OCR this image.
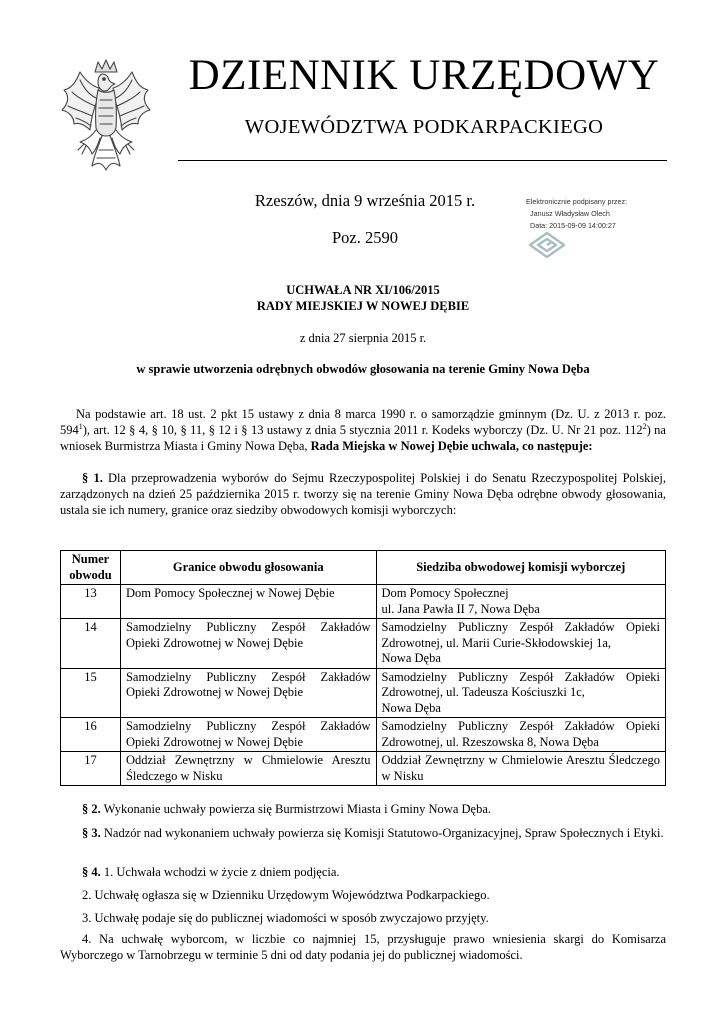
DZIENNIK URZĘDOWY
WOJEWÓDZTWA PODKARPACKIEGO
Rzeszów, dnia 9 września 2015 r.
Poz. 2590
Elektronicznie podpisany przez:
Janusz Władysław Olech
Data: 2015-09-09 14:00:27
UCHWAŁA NR XI/106/2015
RADY MIEJSKIEJ W NOWEJ DĘBIE
z dnia 27 sierpnia 2015 r.
w sprawie utworzenia odrębnych obwodów głosowania na terenie Gminy Nowa Dęba
Na podstawie art. 18 ust. 2 pkt 15 ustawy z dnia 8 marca 1990 r. o samorządzie gminnym (Dz. U. z 2013 r. poz. $594^1$), art. 12 § 4, § 10, § 11, § 12 i § 13 ustawy z dnia 5 stycznia 2011 r. Kodeks wyborczy (Dz. U. Nr 21 poz. $112^2$) na wniosek Burmistrza Miasta i Gminy Nowa Dęba, Rada Miejska w Nowej Dębie uchwala, co następuje:
§ 1. Dla przeprowadzenia wyborów do Sejmu Rzeczypospolitej Polskiej i do Senatu Rzeczypospolitej Polskiej, zarządzonych na dzień 25 października 2015 r. tworzy się na terenie Gminy Nowa Dęba odrębne obwody głosowania, ustala sie ich numery, granice oraz siedziby obwodowych komisji wyborczych:
Numer obwodu	Granice obwodu głosowania	Siedziba obwodowej komisji wyborczej
13	Dom Pomocy Społecznej w Nowej Dębie	Dom Pomocy Społecznej
ul. Jana Pawła II 7, Nowa Dęba

14	Samodzielny Publiczny Zespół Zakładów Opieki Zdrowotnej w Nowej Dębie	Samodzielny Publiczny Zespół Zakładów Opieki Zdrowotnej, ul. Marii Curie-Skłodowskiej 1a,
Nowa Dęba

15	Samodzielny Publiczny Zespół Zakładów Opieki Zdrowotnej w Nowej Dębie	Samodzielny Publiczny Zespół Zakładów Opieki Zdrowotnej, ul. Tadeusza Kościuszki 1c,
Nowa Dęba

16	Samodzielny Publiczny Zespół Zakładów Opieki Zdrowotnej w Nowej Dębie	Samodzielny Publiczny Zespół Zakładów Opieki Zdrowotnej, ul. Rzeszowska 8, Nowa Dęba

17	Oddział Zewnętrzny w Chmielowie Aresztu Śledczego w Nisku	Oddział Zewnętrzny w Chmielowie Aresztu Śledczego w Nisku
§ 2. Wykonanie uchwały powierza się Burmistrzowi Miasta i Gminy Nowa Dęba.
§ 3. Nadzór nad wykonaniem uchwały powierza się Komisji Statutowo-Organizacyjnej, Spraw Społecznych i Etyki.
§ 4. 1. Uchwała wchodzi w życie z dniem podjęcia.
2. Uchwałę ogłasza się w Dzienniku Urzędowym Województwa Podkarpackiego.
3. Uchwałę podaje się do publicznej wiadomości w sposób zwyczajowo przyjęty.
4. Na uchwałę wyborcom, w liczbie co najmniej 15, przysługuje prawo wniesienia skargi do Komisarza Wyborczego w Tarnobrzegu w terminie 5 dni od daty podania jej do publicznej wiadomości.
